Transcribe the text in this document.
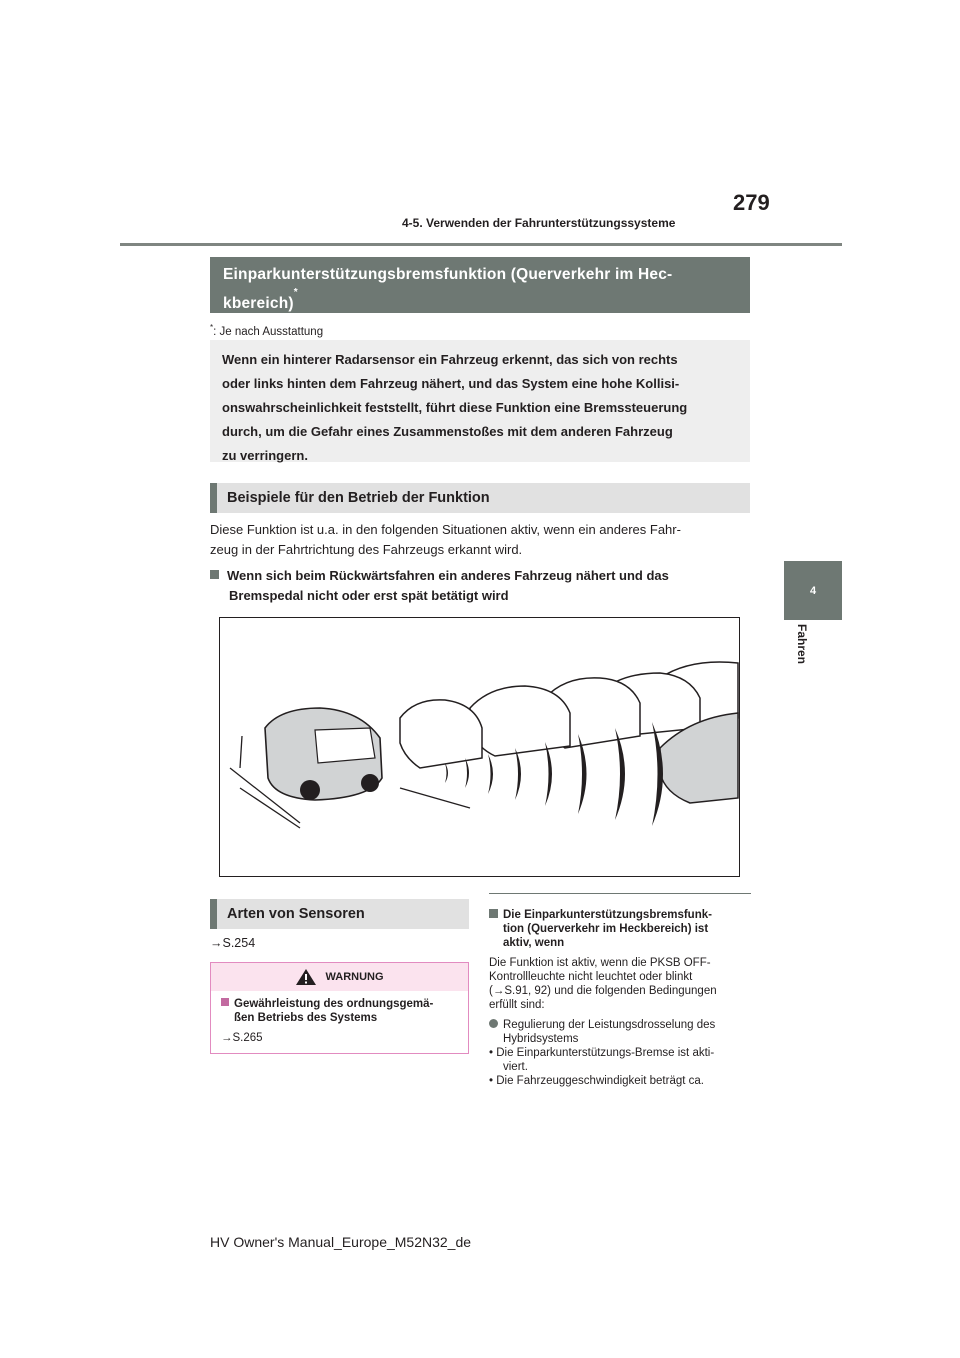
4-5. Verwenden der Fahrunterstützungssysteme
279
4
Fahren
Einparkunterstützungsbremsfunktion (Querverkehr im Hec-
kbereich)*
*: Je nach Ausstattung
Wenn ein hinterer Radarsensor ein Fahrzeug erkennt, das sich von rechts
oder links hinten dem Fahrzeug nähert, und das System eine hohe Kollisi-
onswahrscheinlichkeit feststellt, führt diese Funktion eine Bremssteuerung
durch, um die Gefahr eines Zusammenstoßes mit dem anderen Fahrzeug
zu verringern.
Beispiele für den Betrieb der Funktion
Diese Funktion ist u.a. in den folgenden Situationen aktiv, wenn ein anderes Fahr-
zeug in der Fahrtrichtung des Fahrzeugs erkannt wird.
Wenn sich beim Rückwärtsfahren ein anderes Fahrzeug nähert und das
Bremspedal nicht oder erst spät betätigt wird
Arten von Sensoren
→S.254
WARNUNG
Gewährleistung des ordnungsgemä-
ßen Betriebs des Systems
→S.265

Die Einparkunterstützungsbremsfunk-
tion (Querverkehr im Heckbereich) ist
aktiv, wenn

Die Funktion ist aktiv, wenn die PKSB OFF-
Kontrollleuchte nicht leuchtet oder blinkt
(→S.91, 92) und die folgenden Bedingungen
erfüllt sind:

Regulierung der Leistungsdrosselung des
Hybridsystems

• Die Einparkunterstützungs-Bremse ist akti-
viert.

• Die Fahrzeuggeschwindigkeit beträgt ca.

HV Owner's Manual_Europe_M52N32_de
